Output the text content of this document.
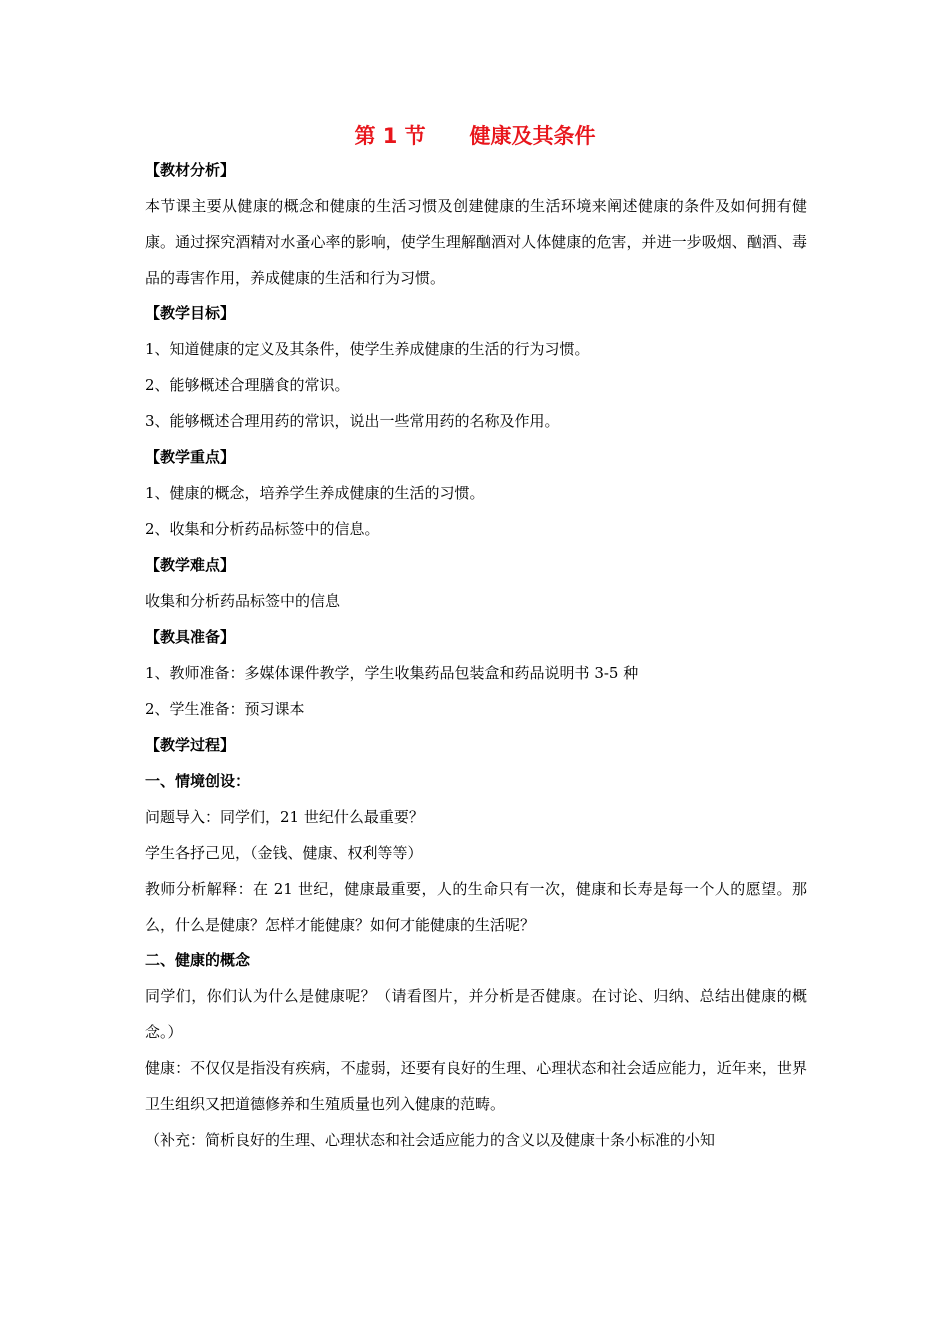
第 1 节      健康及其条件
【教材分析】
本节课主要从健康的概念和健康的生活习惯及创建健康的生活环境来阐述健康的条件及如何拥有健康。通过探究酒精对水蚤心率的影响，使学生理解酗酒对人体健康的危害，并进一步吸烟、酗酒、毒品的毒害作用，养成健康的生活和行为习惯。
【教学目标】
1、知道健康的定义及其条件，使学生养成健康的生活的行为习惯。
2、能够概述合理膳食的常识。
3、能够概述合理用药的常识，说出一些常用药的名称及作用。
【教学重点】
1、健康的概念，培养学生养成健康的生活的习惯。
2、收集和分析药品标签中的信息。
【教学难点】
收集和分析药品标签中的信息
【教具准备】
1、教师准备：多媒体课件教学，学生收集药品包装盒和药品说明书 3-5 种
2、学生准备：预习课本
【教学过程】
一、情境创设：
问题导入：同学们，21 世纪什么最重要？
学生各抒己见，（金钱、健康、权利等等）
教师分析解释：在 21 世纪，健康最重要，人的生命只有一次，健康和长寿是每一个人的愿望。那么，什么是健康？怎样才能健康？如何才能健康的生活呢？
二、健康的概念
同学们，你们认为什么是健康呢？（请看图片，并分析是否健康。在讨论、归纳、总结出健康的概念。）
健康：不仅仅是指没有疾病，不虚弱，还要有良好的生理、心理状态和社会适应能力，近年来，世界卫生组织又把道德修养和生殖质量也列入健康的范畴。
（补充：简析良好的生理、心理状态和社会适应能力的含义以及健康十条小标准的小知
